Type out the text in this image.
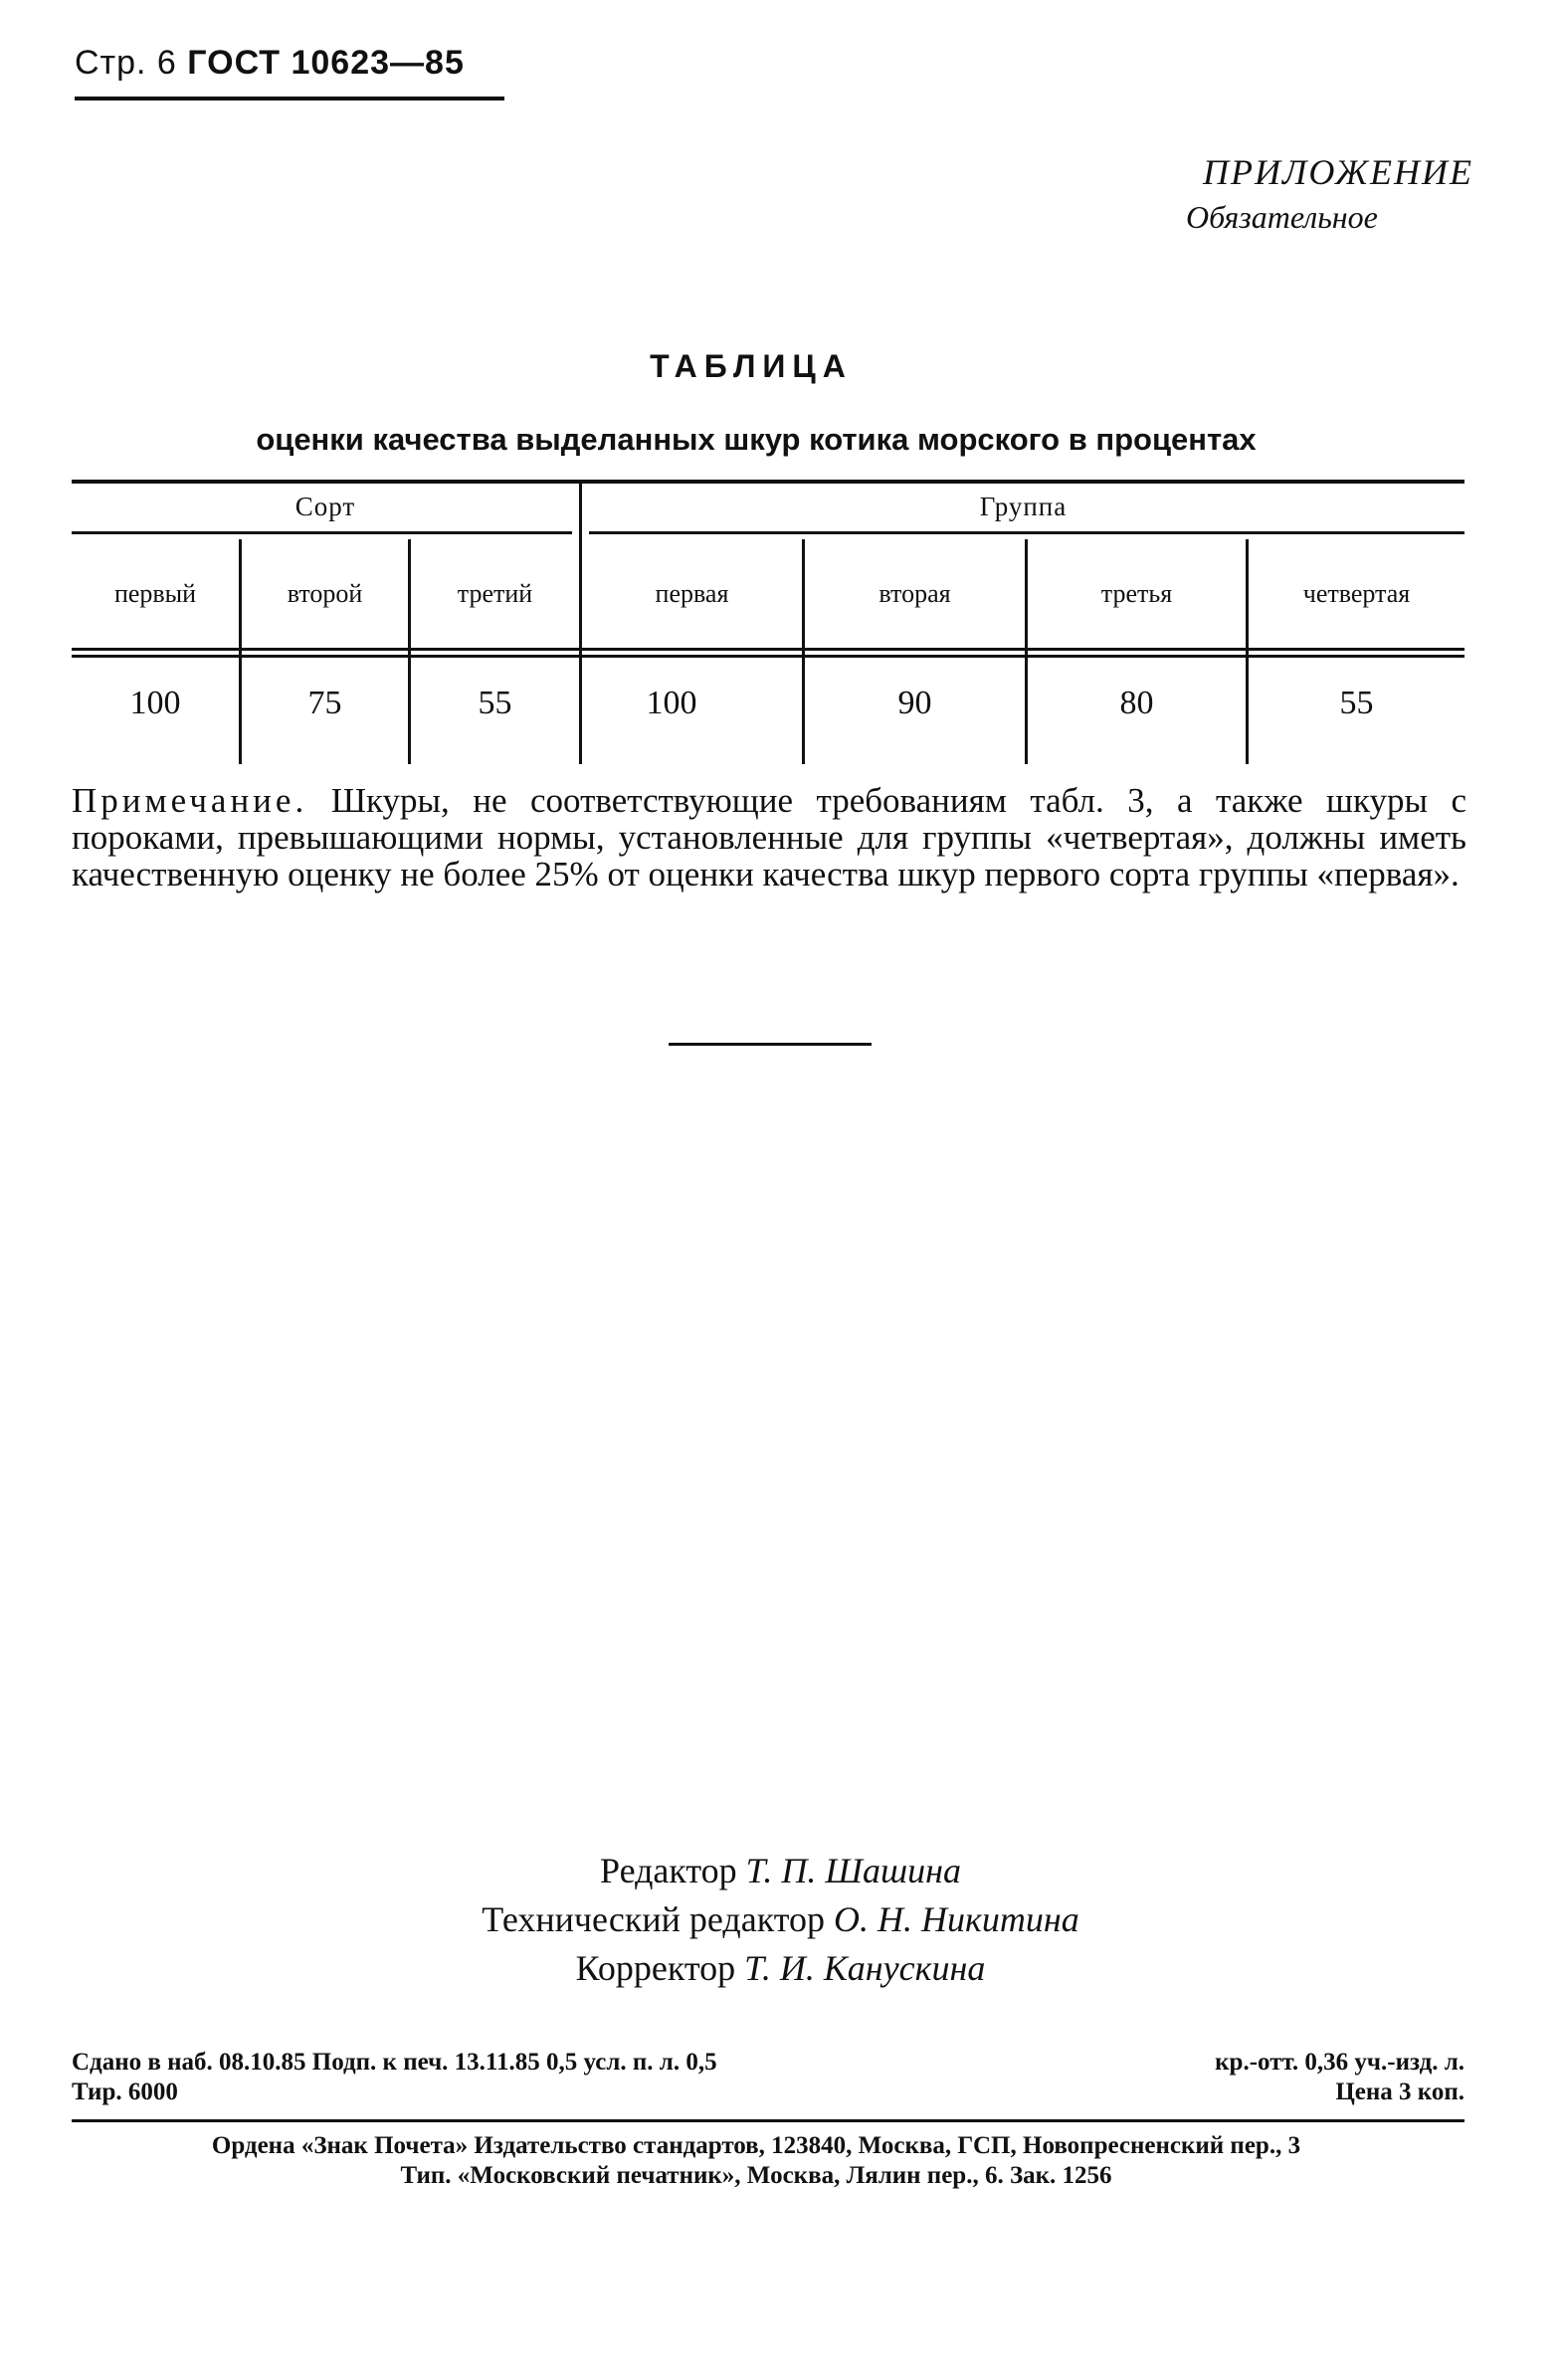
Стр. 6 ГОСТ 10623—85
ПРИЛОЖЕНИЕ
Обязательное
ТАБЛИЦА
оценки качества выделанных шкур котика морского в процентах
Сорт	Группа
первый	второй	третий	первая	вторая	третья	четвертая
100	75	55	100	90	80	55
Примечание. Шкуры, не соответствующие требованиям табл. 3, а также шкуры с пороками, превышающими нормы, установленные для группы «четвертая», должны иметь качественную оценку не более 25% от оценки качества шкур первого сорта группы «первая».
Редактор Т. П. Шашина
Технический редактор О. Н. Никитина
Корректор Т. И. Канускина
Сдано в наб. 08.10.85 Подп. к печ. 13.11.85 0,5 усл. п. л. 0,5	кр.-отт. 0,36 уч.-изд. л.
Тир. 6000	Цена 3 коп.
Ордена «Знак Почета» Издательство стандартов, 123840, Москва, ГСП, Новопресненский пер., 3
Тип. «Московский печатник», Москва, Лялин пер., 6. Зак. 1256
